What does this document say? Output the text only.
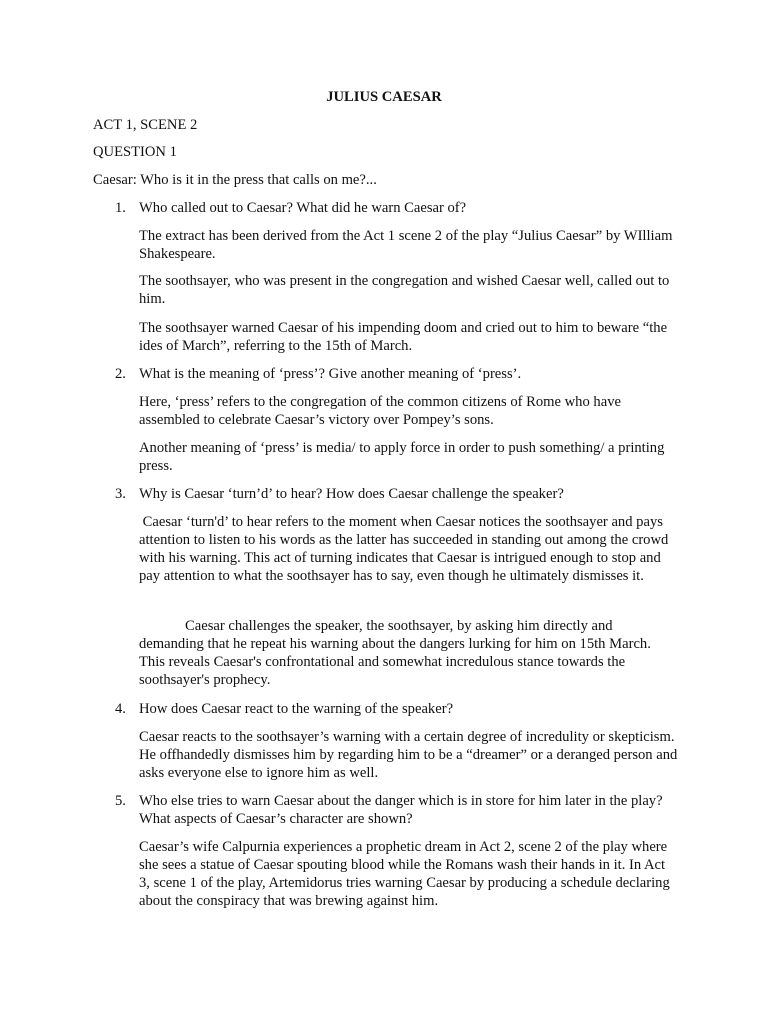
JULIUS CAESAR
ACT 1, SCENE 2
QUESTION 1
Caesar: Who is it in the press that calls on me?...
1. Who called out to Caesar? What did he warn Caesar of?

The extract has been derived from the Act 1 scene 2 of the play “Julius Caesar” by WIlliam Shakespeare.

The soothsayer, who was present in the congregation and wished Caesar well, called out to him.

The soothsayer warned Caesar of his impending doom and cried out to him to beware “the ides of March”, referring to the 15th of March.

2. What is the meaning of ‘press’? Give another meaning of ‘press’.

Here, ‘press’ refers to the congregation of the common citizens of Rome who have assembled to celebrate Caesar’s victory over Pompey’s sons.

Another meaning of ‘press’ is media/ to apply force in order to push something/ a printing press.

3. Why is Caesar ‘turn’d’ to hear? How does Caesar challenge the speaker?

Caesar ‘turn'd’ to hear refers to the moment when Caesar notices the soothsayer and pays attention to listen to his words as the latter has succeeded in standing out among the crowd with his warning. This act of turning indicates that Caesar is intrigued enough to stop and pay attention to what the soothsayer has to say, even though he ultimately dismisses it.

Caesar challenges the speaker, the soothsayer, by asking him directly and demanding that he repeat his warning about the dangers lurking for him on 15th March. This reveals Caesar's confrontational and somewhat incredulous stance towards the soothsayer's prophecy.

4. How does Caesar react to the warning of the speaker?

Caesar reacts to the soothsayer’s warning with a certain degree of incredulity or skepticism. He offhandedly dismisses him by regarding him to be a “dreamer” or a deranged person and asks everyone else to ignore him as well.

5. Who else tries to warn Caesar about the danger which is in store for him later in the play? What aspects of Caesar’s character are shown?

Caesar’s wife Calpurnia experiences a prophetic dream in Act 2, scene 2 of the play where she sees a statue of Caesar spouting blood while the Romans wash their hands in it. In Act 3, scene 1 of the play, Artemidorus tries warning Caesar by producing a schedule declaring about the conspiracy that was brewing against him.
